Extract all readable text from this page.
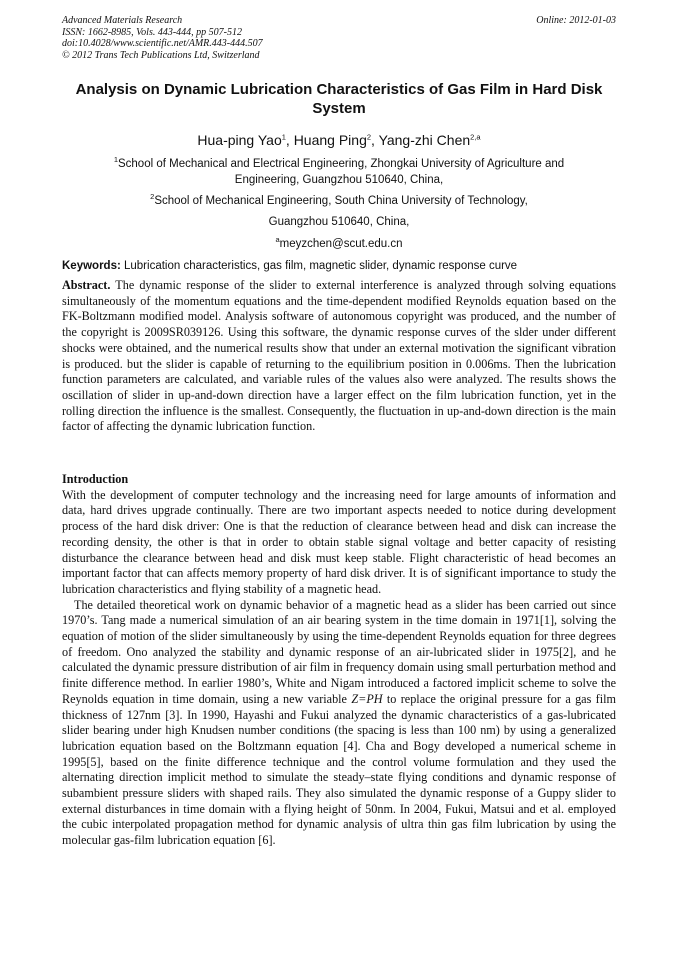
Advanced Materials Research
ISSN: 1662-8985, Vols. 443-444, pp 507-512
doi:10.4028/www.scientific.net/AMR.443-444.507
© 2012 Trans Tech Publications Ltd, Switzerland
Online: 2012-01-03
Analysis on Dynamic Lubrication Characteristics of Gas Film in Hard Disk System
Hua-ping Yao$^1$, Huang Ping$^2$, Yang-zhi Chen$^{2,a}$
$^1$School of Mechanical and Electrical Engineering, Zhongkai University of Agriculture and
Engineering, Guangzhou 510640, China,
$^2$School of Mechanical Engineering, South China University of Technology,
Guangzhou 510640, China,
$^a$meyzchen@scut.edu.cn
Keywords: Lubrication characteristics, gas film, magnetic slider, dynamic response curve

Abstract. The dynamic response of the slider to external interference is analyzed through solving equations simultaneously of the momentum equations and the time-dependent modified Reynolds equation based on the FK-Boltzmann modified model. Analysis software of autonomous copyright was produced, and the number of the copyright is 2009SR039126. Using this software, the dynamic response curves of the slder under different shocks were obtained, and the numerical results show that under an external motivation the significant vibration is produced. but the slider is capable of returning to the equilibrium position in 0.006ms. Then the lubrication function parameters are calculated, and variable rules of the values also were analyzed. The results shows the oscillation of slider in up-and-down direction have a larger effect on the film lubrication function, yet in the rolling direction the influence is the smallest. Consequently, the fluctuation in up-and-down direction is the main factor of affecting the dynamic lubrication function.

Introduction

With the development of computer technology and the increasing need for large amounts of information and data, hard drives upgrade continually. There are two important aspects needed to notice during development process of the hard disk driver: One is that the reduction of clearance between head and disk can increase the recording density, the other is that in order to obtain stable signal voltage and better capacity of resisting disturbance the clearance between head and disk must keep stable. Flight characteristic of head becomes an important factor that can affects memory property of hard disk driver. It is of significant importance to study the lubrication characteristics and flying stability of a magnetic head.

The detailed theoretical work on dynamic behavior of a magnetic head as a slider has been carried out since 1970’s. Tang made a numerical simulation of an air bearing system in the time domain in 1971[1], solving the equation of motion of the slider simultaneously by using the time-dependent Reynolds equation for three degrees of freedom. Ono analyzed the stability and dynamic response of an air-lubricated slider in 1975[2], and he calculated the dynamic pressure distribution of air film in frequency domain using small perturbation method and finite difference method. In earlier 1980’s, White and Nigam introduced a factored implicit scheme to solve the Reynolds equation in time domain, using a new variable Z=PH to replace the original pressure for a gas film thickness of 127nm [3]. In 1990, Hayashi and Fukui analyzed the dynamic characteristics of a gas-lubricated slider bearing under high Knudsen number conditions (the spacing is less than 100 nm) by using a generalized lubrication equation based on the Boltzmann equation [4]. Cha and Bogy developed a numerical scheme in 1995[5], based on the finite difference technique and the control volume formulation and they used the alternating direction implicit method to simulate the steady–state flying conditions and dynamic response of subambient pressure sliders with shaped rails. They also simulated the dynamic response of a Guppy slider to external disturbances in time domain with a flying height of 50nm. In 2004, Fukui, Matsui and et al. employed the cubic interpolated propagation method for dynamic analysis of ultra thin gas film lubrication by using the molecular gas-film lubrication equation [6].
